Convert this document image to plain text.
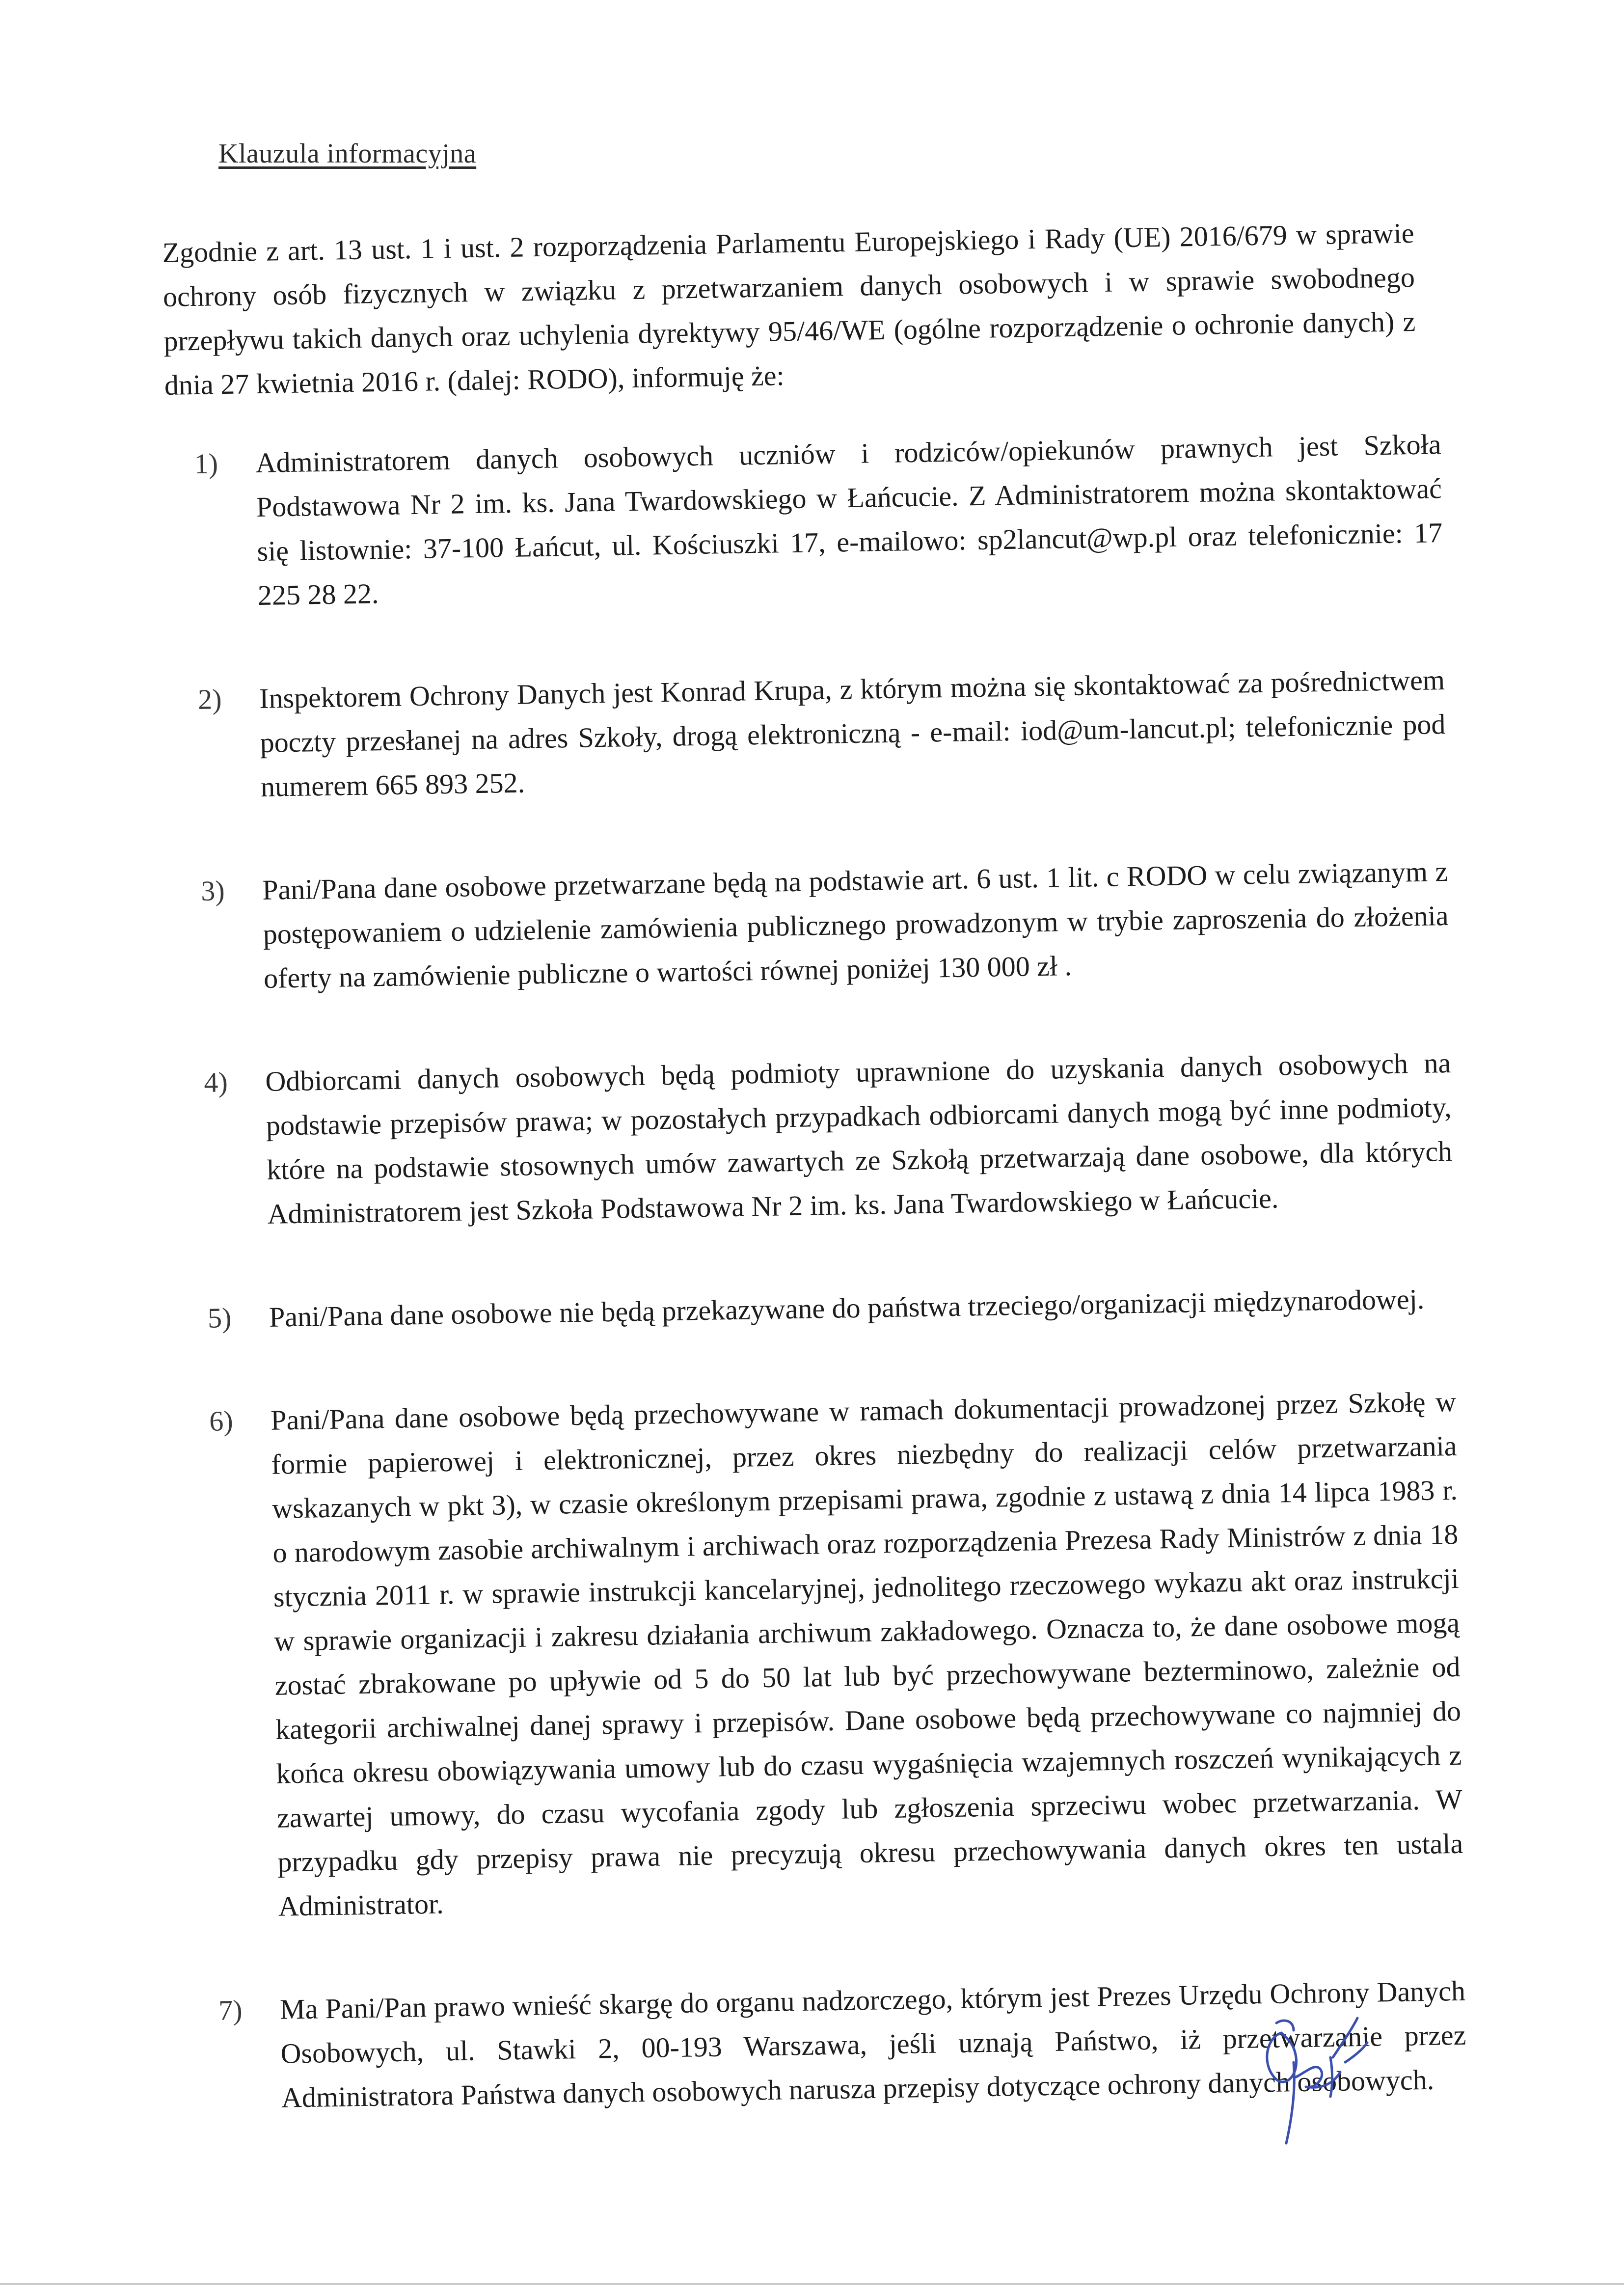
Klauzula informacyjna
Zgodnie z art. 13 ust. 1 i ust. 2 rozporządzenia Parlamentu Europejskiego i Rady (UE) 2016/679 w sprawie ochrony osób fizycznych w związku z przetwarzaniem danych osobowych i w sprawie swobodnego przepływu takich danych oraz uchylenia dyrektywy 95/46/WE (ogólne rozporządzenie o ochronie danych) z dnia 27 kwietnia 2016 r. (dalej: RODO), informuję że:
1) Administratorem danych osobowych uczniów i rodziców/opiekunów prawnych jest Szkoła Podstawowa Nr 2 im. ks. Jana Twardowskiego w Łańcucie. Z Administratorem można skontaktować się listownie: 37-100 Łańcut, ul. Kościuszki 17, e-mailowo: sp2lancut@wp.pl oraz telefonicznie: 17 225 28 22.
2) Inspektorem Ochrony Danych jest Konrad Krupa, z którym można się skontaktować za pośrednictwem poczty przesłanej na adres Szkoły, drogą elektroniczną - e-mail: iod@um-lancut.pl; telefonicznie pod numerem 665 893 252.
3) Pani/Pana dane osobowe przetwarzane będą na podstawie art. 6 ust. 1 lit. c RODO w celu związanym z postępowaniem o udzielenie zamówienia publicznego prowadzonym w trybie zaproszenia do złożenia oferty na zamówienie publiczne o wartości równej poniżej 130 000 zł .
4) Odbiorcami danych osobowych będą podmioty uprawnione do uzyskania danych osobowych na podstawie przepisów prawa; w pozostałych przypadkach odbiorcami danych mogą być inne podmioty, które na podstawie stosownych umów zawartych ze Szkołą przetwarzają dane osobowe, dla których Administratorem jest Szkoła Podstawowa Nr 2 im. ks. Jana Twardowskiego w Łańcucie.
5) Pani/Pana dane osobowe nie będą przekazywane do państwa trzeciego/organizacji międzynarodowej.
6) Pani/Pana dane osobowe będą przechowywane w ramach dokumentacji prowadzonej przez Szkołę w formie papierowej i elektronicznej, przez okres niezbędny do realizacji celów przetwarzania wskazanych w pkt 3), w czasie określonym przepisami prawa, zgodnie z ustawą z dnia 14 lipca 1983 r. o narodowym zasobie archiwalnym i archiwach oraz rozporządzenia Prezesa Rady Ministrów z dnia 18 stycznia 2011 r. w sprawie instrukcji kancelaryjnej, jednolitego rzeczowego wykazu akt oraz instrukcji w sprawie organizacji i zakresu działania archiwum zakładowego. Oznacza to, że dane osobowe mogą zostać zbrakowane po upływie od 5 do 50 lat lub być przechowywane bezterminowo, zależnie od kategorii archiwalnej danej sprawy i przepisów. Dane osobowe będą przechowywane co najmniej do końca okresu obowiązywania umowy lub do czasu wygaśnięcia wzajemnych roszczeń wynikających z zawartej umowy, do czasu wycofania zgody lub zgłoszenia sprzeciwu wobec przetwarzania. W przypadku gdy przepisy prawa nie precyzują okresu przechowywania danych okres ten ustala Administrator.
7) Ma Pani/Pan prawo wnieść skargę do organu nadzorczego, którym jest Prezes Urzędu Ochrony Danych Osobowych, ul. Stawki 2, 00-193 Warszawa, jeśli uznają Państwo, iż przetwarzanie przez Administratora Państwa danych osobowych narusza przepisy dotyczące ochrony danych osobowych.
